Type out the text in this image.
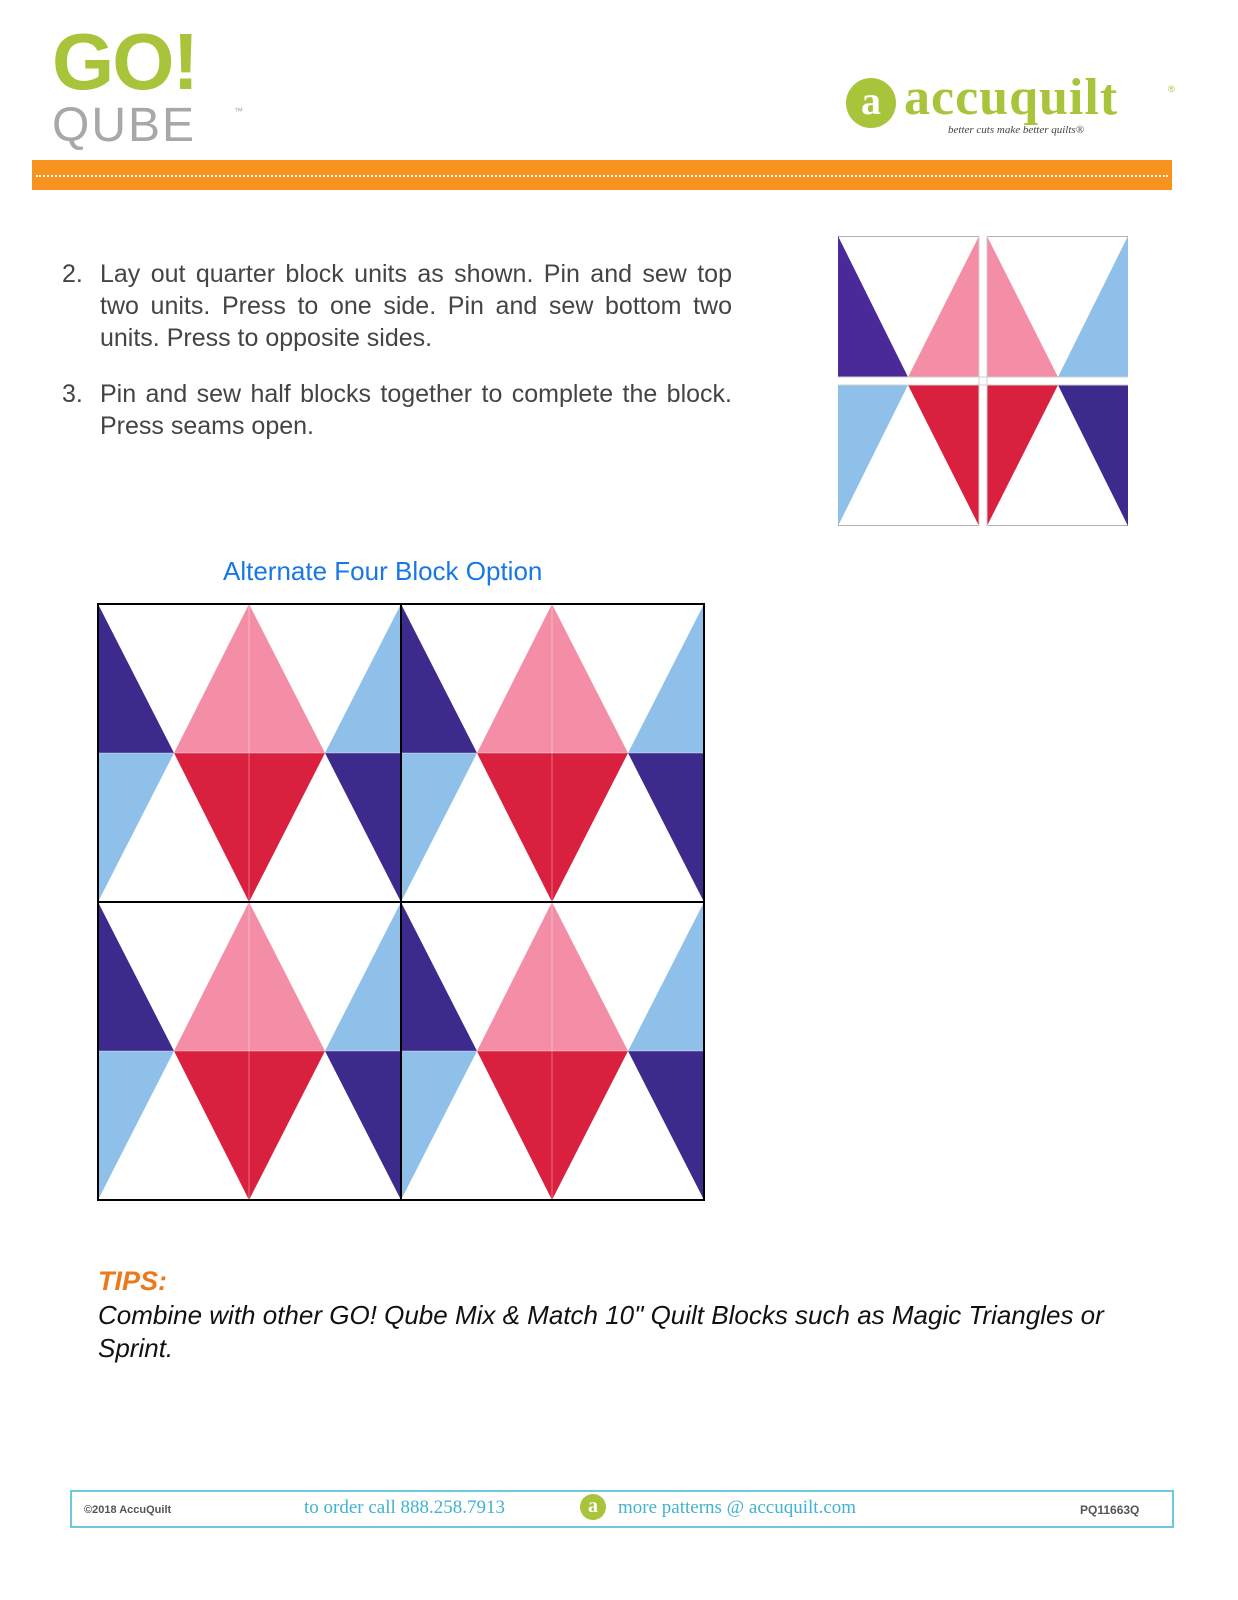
GO!
QUBE	™	a accuquilt	®
better cuts make better quilts®
2. Lay out quarter block units as shown. Pin and sew top two units. Press to one side. Pin and sew bottom two units. Press to opposite sides.
3. Pin and sew half blocks together to complete the block. Press seams open.
Alternate Four Block Option
TIPS:
Combine with other GO! Qube Mix & Match 10" Quilt Blocks such as Magic Triangles or Sprint.
©2018 AccuQuilt	to order call 888.258.7913	a	more patterns @ accuquilt.com	PQ11663Q
